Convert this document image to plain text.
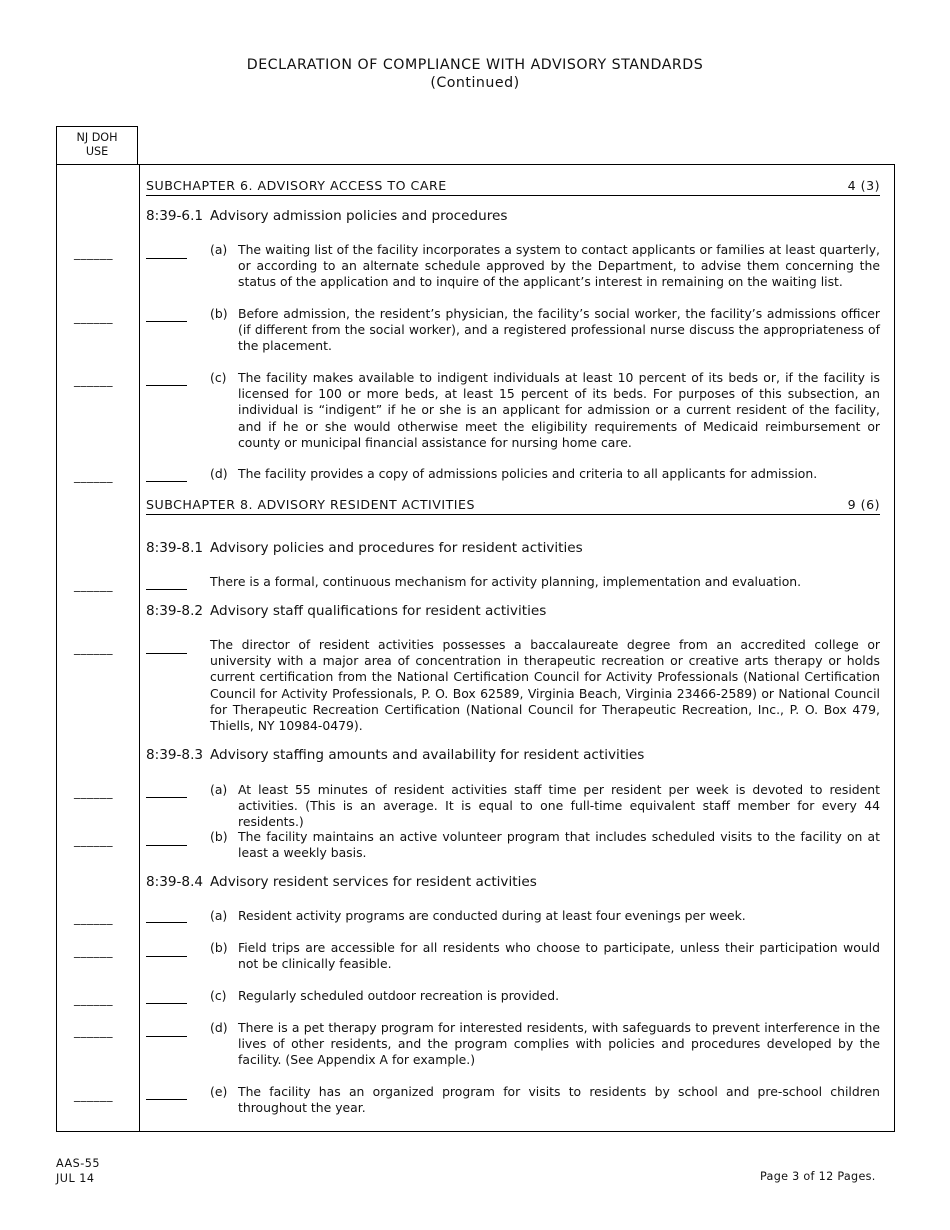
DECLARATION OF COMPLIANCE WITH ADVISORY STANDARDS
(Continued)
NJ DOH
USE
SUBCHAPTER 6. ADVISORY ACCESS TO CARE	4 (3)
8:39-6.1 Advisory admission policies and procedures
______	(a) The waiting list of the facility incorporates a system to contact applicants or families at least quarterly, or according to an alternate schedule approved by the Department, to advise them concerning the status of the application and to inquire of the applicant’s interest in remaining on the waiting list.
______	(b) Before admission, the resident’s physician, the facility’s social worker, the facility’s admissions officer (if different from the social worker), and a registered professional nurse discuss the appropriateness of the placement.
______	(c) The facility makes available to indigent individuals at least 10 percent of its beds or, if the facility is licensed for 100 or more beds, at least 15 percent of its beds. For purposes of this subsection, an individual is “indigent” if he or she is an applicant for admission or a current resident of the facility, and if he or she would otherwise meet the eligibility requirements of Medicaid reimbursement or county or municipal financial assistance for nursing home care.
______	(d) The facility provides a copy of admissions policies and criteria to all applicants for admission.
SUBCHAPTER 8. ADVISORY RESIDENT ACTIVITIES	9 (6)
8:39-8.1 Advisory policies and procedures for resident activities
______	There is a formal, continuous mechanism for activity planning, implementation and evaluation.
8:39-8.2 Advisory staff qualifications for resident activities
______	The director of resident activities possesses a baccalaureate degree from an accredited college or university with a major area of concentration in therapeutic recreation or creative arts therapy or holds current certification from the National Certification Council for Activity Professionals (National Certification Council for Activity Professionals, P. O. Box 62589, Virginia Beach, Virginia 23466-2589) or National Council for Therapeutic Recreation Certification (National Council for Therapeutic Recreation, Inc., P. O. Box 479, Thiells, NY 10984-0479).
8:39-8.3 Advisory staffing amounts and availability for resident activities
______	(a) At least 55 minutes of resident activities staff time per resident per week is devoted to resident activities. (This is an average. It is equal to one full-time equivalent staff member for every 44 residents.)
______	(b) The facility maintains an active volunteer program that includes scheduled visits to the facility on at least a weekly basis.
8:39-8.4 Advisory resident services for resident activities
______	(a) Resident activity programs are conducted during at least four evenings per week.
______	(b) Field trips are accessible for all residents who choose to participate, unless their participation would not be clinically feasible.
______	(c) Regularly scheduled outdoor recreation is provided.
______	(d) There is a pet therapy program for interested residents, with safeguards to prevent interference in the lives of other residents, and the program complies with policies and procedures developed by the facility. (See Appendix A for example.)
______	(e) The facility has an organized program for visits to residents by school and pre-school children throughout the year.
AAS-55
JUL 14	Page 3 of 12 Pages.
